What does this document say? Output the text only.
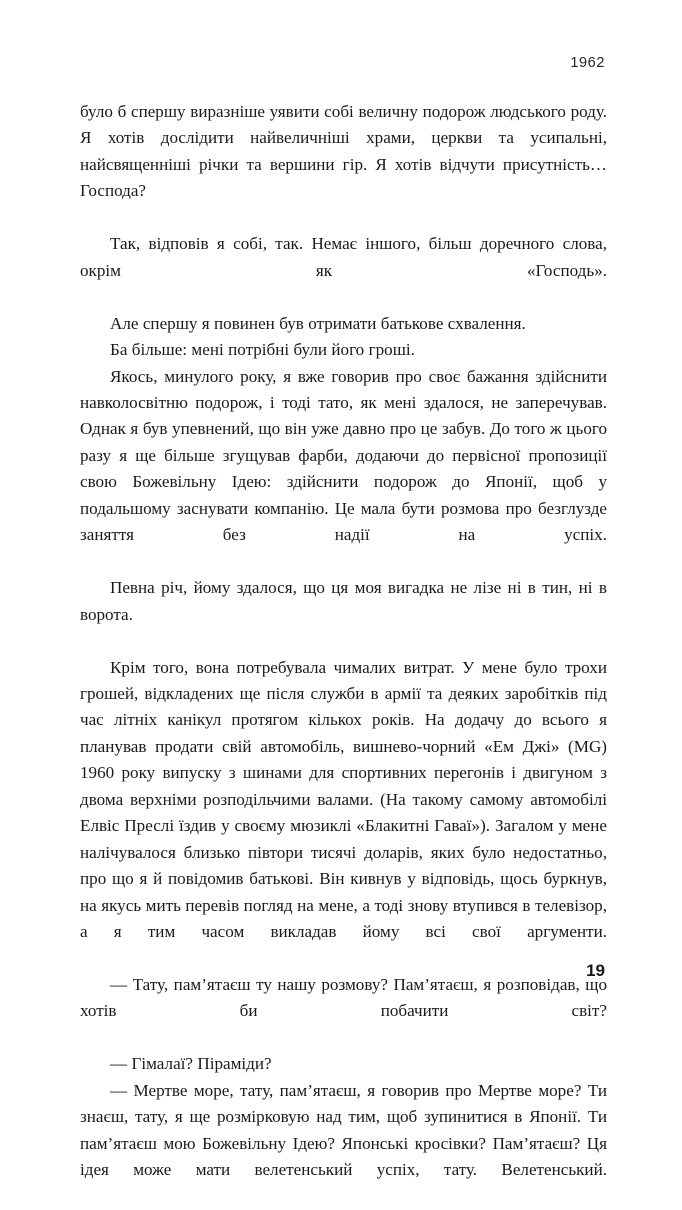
1962

було б спершу виразніше уявити собі величну подорож людського роду. Я хотів дослідити найвеличніші храми, церкви та усипальні, найсвященніші річки та вершини гір. Я хотів відчути присутність… Господа?

Так, відповів я собі, так. Немає іншого, більш доречного слова, окрім як «Господь».

Але спершу я повинен був отримати батькове схвалення.

Ба більше: мені потрібні були його гроші.

Якось, минулого року, я вже говорив про своє бажання здійснити навколосвітню подорож, і тоді тато, як мені здалося, не заперечував. Однак я був упевнений, що він уже давно про це забув. До того ж цього разу я ще більше згущував фарби, додаючи до первісної пропозиції свою Божевільну Ідею: здійснити подорож до Японії, щоб у подальшому заснувати компанію. Це мала бути розмова про безглузде заняття без надії на успіх.

Певна річ, йому здалося, що ця моя вигадка не лізе ні в тин, ні в ворота.

Крім того, вона потребувала чималих витрат. У мене було трохи грошей, відкладених ще після служби в армії та деяких заробітків під час літніх канікул протягом кількох років. На додачу до всього я планував продати свій автомобіль, вишнево-чорний «Ем Джі» (MG) 1960 року випуску з шинами для спортивних перегонів і двигуном з двома верхніми розподільчими валами. (На такому самому автомобілі Елвіс Преслі їздив у своєму мюзиклі «Блакитні Гаваї»). Загалом у мене налічувалося близько півтори тисячі доларів, яких було недостатньо, про що я й повідомив батькові. Він кивнув у відповідь, щось буркнув, на якусь мить перевів погляд на мене, а тоді знову втупився в телевізор, а я тим часом викладав йому всі свої аргументи.

— Тату, пам’ятаєш ту нашу розмову? Пам’ятаєш, я розповідав, що хотів би побачити світ?

— Гімалаї? Піраміди?

— Мертве море, тату, пам’ятаєш, я говорив про Мертве море? Ти знаєш, тату, я ще розмірковую над тим, щоб зупинитися в Японії. Ти пам’ятаєш мою Божевільну Ідею? Японські кросівки? Пам’ятаєш? Ця ідея може мати велетенський успіх, тату. Велетенський.

19
